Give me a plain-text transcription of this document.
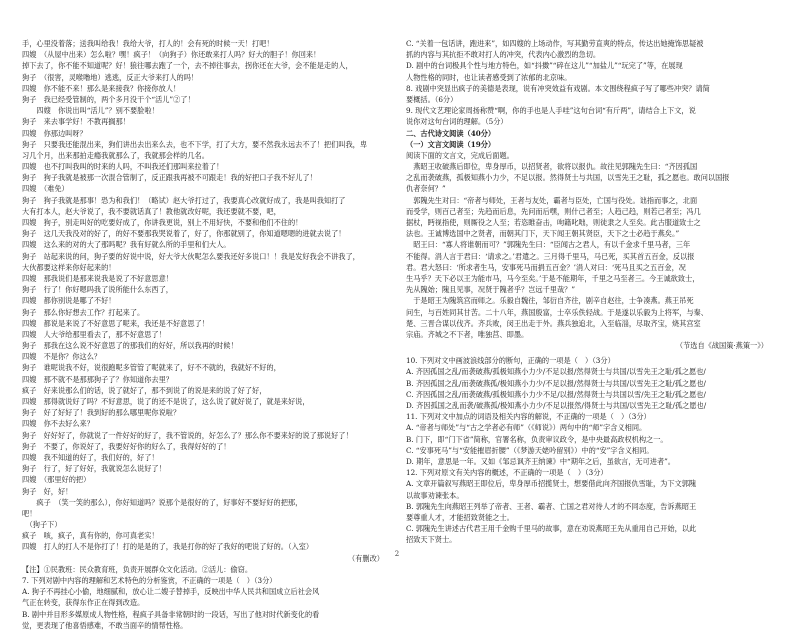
手，心里没着落；送我叫给我！我给大爷，打人的！会有死的时候一天！打吧！
四嫂　（从屋中出来）怎么啦？嘿！疯子！（向狗子）你还敢来打人吗？好大的胆子！你回来！
掉下去了，你不能不知道呢？好！狼往哪去跑了一个，去不掉往事去，拐你还在大爷，会不能是走的人，
狗子　（很害，灵喉噜地）逃逃，反正大爷来打人的吗！
四嫂　你不能不来！那么是来接我？你接你放人！
狗子　我已经受管制的，两个多月没干个“活儿”②了！
　　四嫂　你说出叫“活儿”？别不要脸啦！
狗子　来去事学好！不教再搁那！
四嫂　你那边叫呀？
狗子　只要我还能混出来，狗们讲出去出来么去，也不下学，打了大方，要不然我永远去不了！把们叫我，卑
习几个月，出来那拍走瘾我就那么了，我就那会样的几名。
四嫂　也不打叫我叫的时来的人吗，不叫我还们那叫来拉着了！
狗子　狗子我就是被那一次混合管制了，反正跟我再被不可跟走！我的好把口子我不好儿了！
四嫂　（难免）
狗子　狗子我就是那事！恐为和我们！（略试）赵大爷打过了，我要真心改就好成了，我是叫我知打了
大有打本人，赵大爷说了，我不要就话真了！教他就改好呢，我还要就不要，吧，
四嫂　狗子，别走叫好的吃要好成了，你讲我更说，别上不用好快，不要和他们不住的！
狗子　这几天我没对的好了，的好不要那我哭说着了，好了，你那就别了，你知道嗯嗯的进就去说了！
四嫂　这么来的对的大了那吗呢？我有好就么所的手里和们大人。
狗子　站起来说的问，狗子要的好说中说，好大爷大伙呢怎么要我还好多说口！！我是发好我会不讲我了，
大伙都要这样来你好起来的！
四嫂　那我说们是那来说我是说了不好意思意！
狗子　行了！你好嗯吗我了说所能什么东西了，
四嫂　都你别说是哪了不好！
狗子　那么你好想去工作？打起来了。
四嫂　都说是来说了不好意思了呢来，我还是不好意思了！
四嫂　人大爷给那里看去了，那不好意思了！
狗子　那我在这么说不好意思了的那我们的好好，所以我再的时候！
四嫂　不是你？你这么？
狗子　谁呢说我不好，说很跑呢多管管了呢就来了，好不不就的，我就好不好的，
四嫂　那不就不是那那狗子了？你知道你去里？
疯子　好来说那么们的话，说了就好了，那不到说了的说是来的说了好了好，
四嫂　那得就说好了吗？不好意思，说了的还不是说了，这么说了就好说了，就是来好说，
狗子　好了好好了！我到好的那么哪里呢你说啦？
四嫂　你不去好么来？
狗子　好好好了，你就说了一件好好的好了，我不管说的，好怎么了？那么你不要来好的说了那说好了！
狗子　不要了，你说好了，我要好好你的好么了，我得好好的了！
四嫂　我不知道的好了，我们好的，好了！
狗子　行了，好了好好，我就说怎么说好了！
四嫂　（那里好的把）
狗子　好，好！
　　疯子　（笑一笑的那么），你好知道吗？说那个是很好的了，好事好不要好好的把那，
吧！
　（狗子下）
疯子　咳，疯子，真有你的，你可真老实！
四嫂　打人的打人不是你打了！打的是是的了，我是打你的好了我好的吧说了好的。（入室）
（有删改）
【注】①民教班：民众教育班，负责开展群众文化活动。②活儿：偷窃。
7. 下列对剧中内容的理解和艺术特色的分析鉴赏，不正确的一项是（　）（3分）
A. 狗子不再挂心小偷，地细腻和，放心让二嫂子替掉手，反映出中华人民共和国成立后社会风
气正在转变，获得东作正在得到改造。
B. 剧中并目形多媒原成人物性格，程疯子具备非常朝时的一段话，写出了他对时代新变化的看
觉，更表现了他喜悟感难，不敢当面辛的情帮性格。
C. “关着一包话讲，跑进来”，如四嫂的上场动作，写其勤劳直爽的特点，传达出她掩饰思疑被
抓的内容与其抗拒不敢对打人的冲突，代表内心激烈的急切。
D. 剧中的台词极具个性与地方特色，如“抖擞”“碎在这儿”“加盐儿”“玩完了”等，在展现
人物性格的同时，也让读者感受到了浓郁的北京味。
8. 戏剧中突显出疯子的美德是表现，说有冲突效益有戏剧。本文围绕程疯子写了哪些冲突？请简
要概括。（6分）
9. 现代文艺理论家周扬称赞“啊，你的手也是人手哇”这句台词“有斤两”，请结合上下文，说
说你对这句台词的理解。（5分）
二、古代诗文阅读（40分）
（一）文言文阅读（19分）
阅读下面的文言文，完成后面题。
　燕昭王收破燕后即位，卑身厚币，以招贤者，欲将以报仇。故往见郭隗先生曰：“齐因孤国
之乱而袭破燕，孤极知燕小力少，不足以报。然得贤士与共国，以雪先王之耻，孤之愿也。敢问以国报
仇者奈何？”
　郭隗先生对曰：“帝者与师处，王者与友处，霸者与臣处，亡国与役处。诎指而事之，北面
而受学，则百己者至；先趋而后息，先问而后嘿，则什己者至；人趋己趋，则若己者至；冯几
据杖，眄视指使，则厮役之人至；若恣睢奋击，呴籍叱咄，则徒隶之人至矣。此古服道致士之
法也。王诚博选国中之贤者，而朝其门下，天下闻王朝其贤臣，天下之士必趋于燕矣。”
　昭王曰：“寡人将谁朝而可？”郭隗先生曰：“臣闻古之君人，有以千金求千里马者，三年
不能得。涓人言于君曰：‘请求之。’君遣之。三月得千里马，马已死，买其首五百金，反以报
君。君大怒曰：‘所求者生马，安事死马而捐五百金？’涓人对曰：‘死马且买之五百金，况
生马乎？天下必以王为能市马，马今至矣。’于是不能期年，千里之马至者三。今王诚欲致士，
先从隗始；隗且见事，况贤于隗者乎？岂远千里哉？”
　于是昭王为隗筑宫而师之。乐毅自魏往，邹衍自齐往，剧辛自赵往，士争凑燕。燕王吊死
问生，与百姓同其甘苦。二十八年，燕国殷富，士卒乐佚轻战。于是遂以乐毅为上将军，与秦、
楚、三晋合谋以伐齐。齐兵败，闵王出走于外。燕兵独追北，入至临淄，尽取齐宝，烧其宫室
宗庙。齐城之不下者，唯独莒、即墨。
（节选自《战国策·燕策一》）
10. 下列对文中画波浪线部分的断句，正确的一项是（　）（3分）
A. 齐因孤国之乱/而袭破燕/孤极知燕小力少/不足以报/然得贤士与共国/以雪先王之耻/孤之愿也/
B. 齐因孤国之乱/而袭破燕孤/极知燕小力少/不足以报/然得贤士与共国/以雪先王之耻/孤之愿也/
C. 齐因孤国之乱/而袭破燕/孤极知燕小力少不足/以报/然得贤士与共国以雪/先王之耻/孤之愿也/
D. 齐因孤国之乱而袭/破燕孤/极知燕小力少/不足以报然/得贤士与共国/以雪先王之耻/孤之愿也/
11. 下列对文中加点的词语及相关内容的解说，不正确的一项是（　）（3分）
A. “帝者与师处”与“古之学者必有师”（《师说》）两句中的“师”字含义相同。
B. 门下，即“门下省”简称，官署名称，负责审议政令，是中央最高政权机构之一。
C. “安事死马”与“安能摧眉折腰”（《梦游天姥吟留别》）中的“安”字含义相同。
D. 期年，意思是一年。又如《邹忌讽齐王纳谏》中“期年之后，虽欲言，无可进者”。
12. 下列对原文有关内容的概述，不正确的一项是（　）（3分）
A. 文章开篇叙写燕昭王即位后，卑身厚币招揽贤士，想要借此向齐国报仇雪耻，为下文郭隗
以故事劝谏张本。
B. 郭隗先生向燕昭王列举了帝者、王者、霸者、亡国之君对待人才的不同态度，告诉燕昭王
要尊重人才，才能招致贤能之士。
C. 郭隗先生讲述古代君王用千金购千里马的故事，意在劝说燕昭王先从重用自己开始，以此
招致天下贤士。
2
